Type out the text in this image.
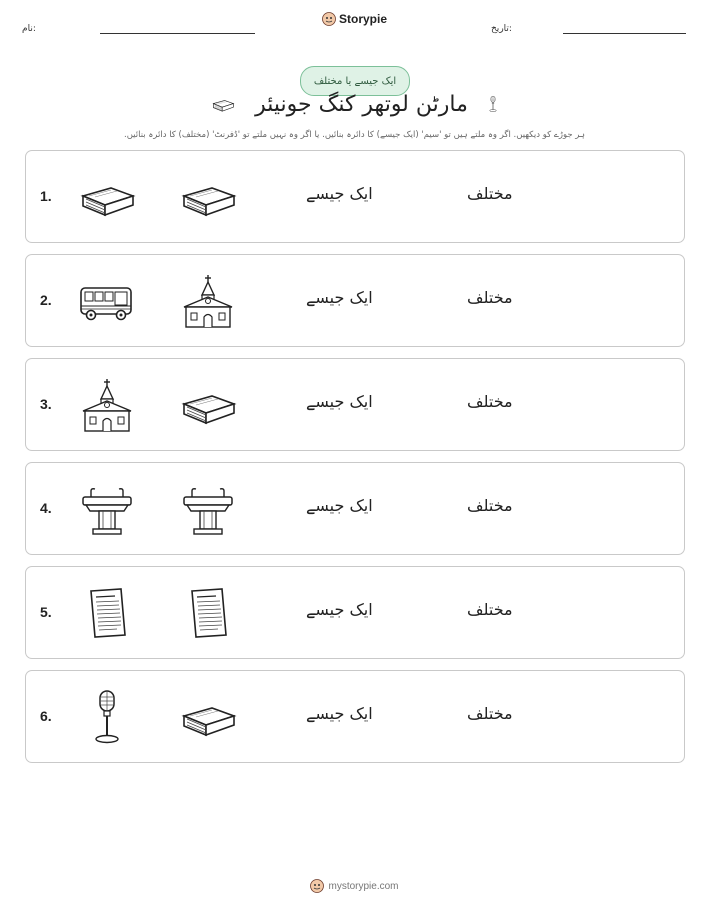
نام:
Storypie
تاریخ:
ایک جیسے یا مختلف
مارٹن لوتھر کنگ جونیئر
ہر جوڑے کو دیکھیں. اگر وہ ملتے ہیں تو 'سیم' (ایک جیسے) کا دائرہ بنائیں. یا اگر وہ نہیں ملتے تو 'ڈفرنٹ' (مختلف) کا دائرہ بنائیں.
1.	ایک جیسے	مختلف
2.	ایک جیسے	مختلف
3.	ایک جیسے	مختلف
4.	ایک جیسے	مختلف
5.	ایک جیسے	مختلف
6.	ایک جیسے	مختلف
mystorypie.com
